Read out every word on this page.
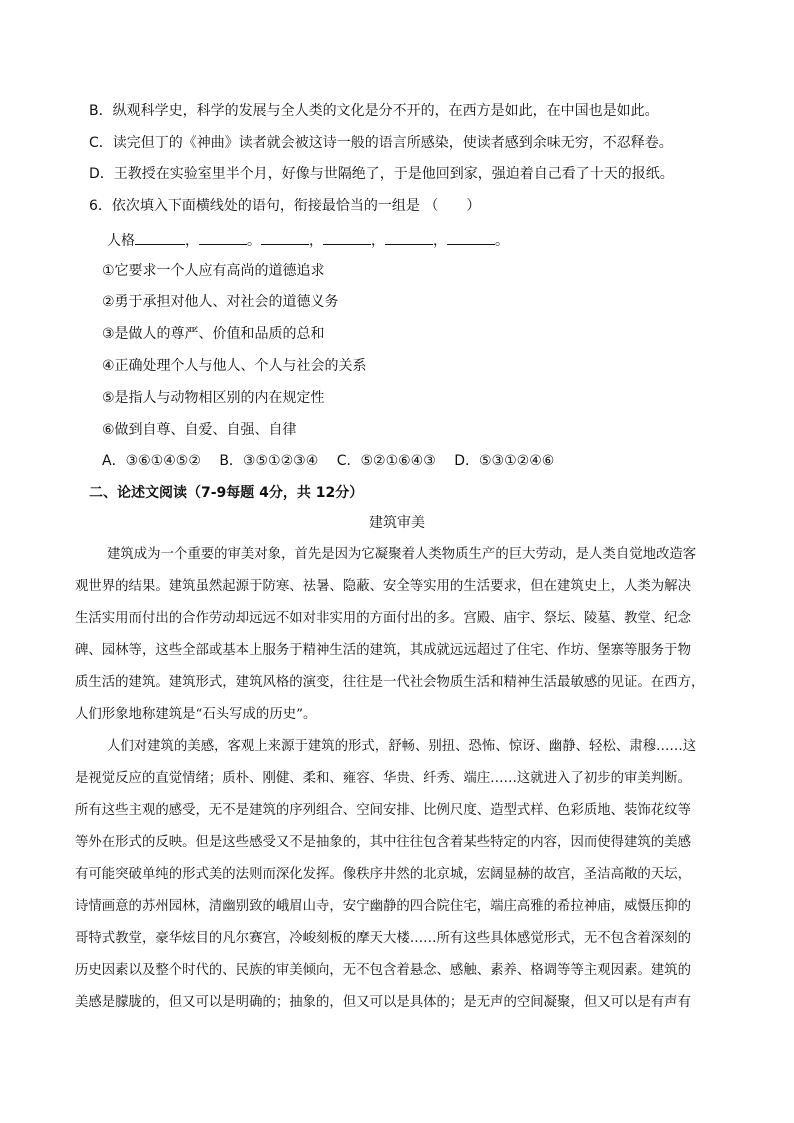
B．纵观科学史，科学的发展与全人类的文化是分不开的，在西方是如此，在中国也是如此。
C．读完但丁的《神曲》读者就会被这诗一般的语言所感染，使读者感到余味无穷，不忍释卷。
D．王教授在实验室里半个月，好像与世隔绝了，于是他回到家，强迫着自己看了十天的报纸。
6．依次填入下面横线处的语句，衔接最恰当的一组是 （　　）
人格	，	。	，	，	，	。
①它要求一个人应有高尚的道德追求
②勇于承担对他人、对社会的道德义务
③是做人的尊严、价值和品质的总和
④正确处理个人与他人、个人与社会的关系
⑤是指人与动物相区别的内在规定性
⑥做到自尊、自爱、自强、自律
A．③⑥①④⑤②　 B．③⑤①②③④　 C．⑤②①⑥④③　 D．⑤③①②④⑥
二、论述文阅读（7-9每题 4分，共 12分）
建筑审美
建筑成为一个重要的审美对象，首先是因为它凝聚着人类物质生产的巨大劳动，是人类自觉地改造客
观世界的结果。建筑虽然起源于防寒、祛暑、隐蔽、安全等实用的生活要求，但在建筑史上，人类为解决
生活实用而付出的合作劳动却远远不如对非实用的方面付出的多。宫殿、庙宇、祭坛、陵墓、教堂、纪念
碑、园林等，这些全部或基本上服务于精神生活的建筑，其成就远远超过了住宅、作坊、堡寨等服务于物
质生活的建筑。建筑形式，建筑风格的演变，往往是一代社会物质生活和精神生活最敏感的见证。在西方，
人们形象地称建筑是“石头写成的历史”。
人们对建筑的美感，客观上来源于建筑的形式，舒畅、别扭、恐怖、惊讶、幽静、轻松、肃穆……这
是视觉反应的直觉情绪；质朴、刚健、柔和、雍容、华贵、纤秀、端庄……这就进入了初步的审美判断。
所有这些主观的感受，无不是建筑的序列组合、空间安排、比例尺度、造型式样、色彩质地、装饰花纹等
等外在形式的反映。但是这些感受又不是抽象的，其中往往包含着某些特定的内容，因而使得建筑的美感
有可能突破单纯的形式美的法则而深化发挥。像秩序井然的北京城，宏阔显赫的故宫，圣洁高敞的天坛，
诗情画意的苏州园林，清幽别致的峨眉山寺，安宁幽静的四合院住宅，端庄高雅的希拉神庙，威慑压抑的
哥特式教堂，豪华炫目的凡尔赛宫，冷峻刻板的摩天大楼……所有这些具体感觉形式，无不包含着深刻的
历史因素以及整个时代的、民族的审美倾向，无不包含着悬念、感触、素养、格调等等主观因素。建筑的
美感是朦胧的，但又可以是明确的；抽象的，但又可以是具体的；是无声的空间凝聚，但又可以是有声有
